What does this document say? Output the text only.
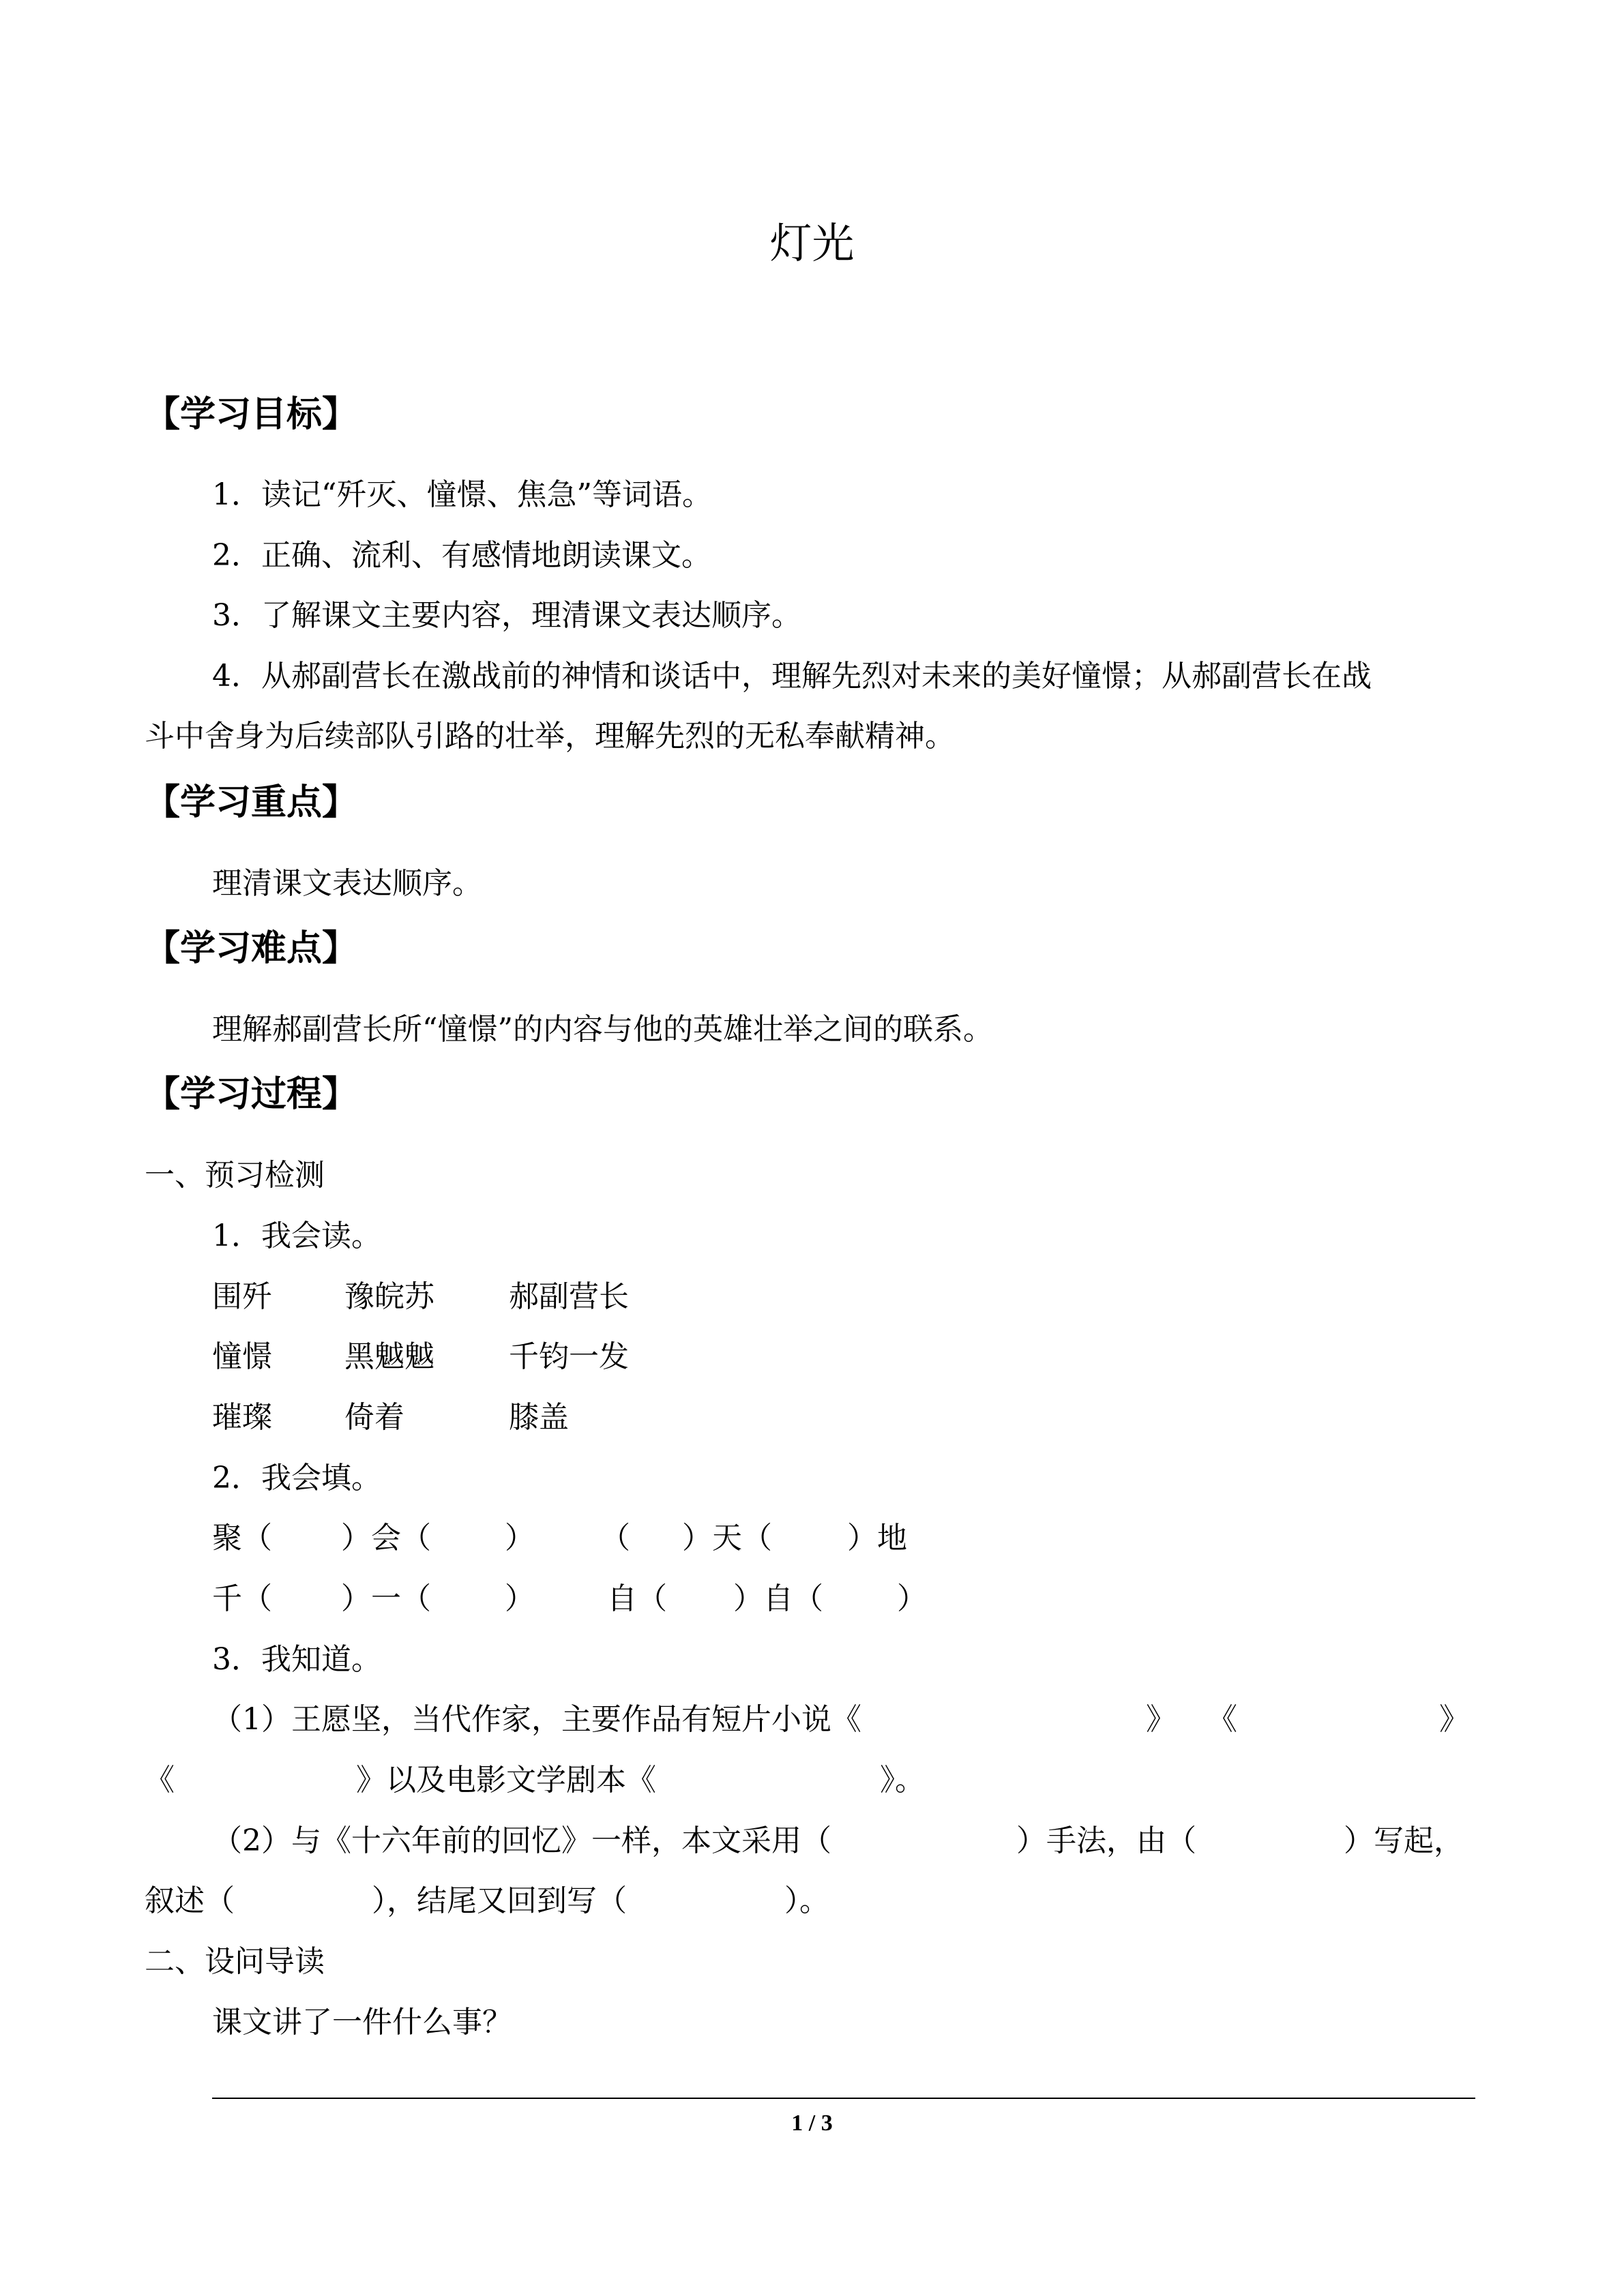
灯光
【学习目标】
1．读记“歼灭、憧憬、焦急”等词语。
2．正确、流利、有感情地朗读课文。
3．了解课文主要内容，理清课文表达顺序。
4．从郝副营长在激战前的神情和谈话中，理解先烈对未来的美好憧憬；从郝副营长在战
斗中舍身为后续部队引路的壮举，理解先烈的无私奉献精神。
【学习重点】
理清课文表达顺序。
【学习难点】
理解郝副营长所“憧憬”的内容与他的英雄壮举之间的联系。
【学习过程】
一、预习检测
1．我会读。
围歼 豫皖苏 郝副营长
憧憬 黑魆魆 千钧一发
璀璨 倚着	膝盖
2．我会填。
聚（ ）会（ ） （ ）天（	）地
千（ ）一（ ） 自（ ）自（ ）
3．我知道。
（1）王愿坚，当代作家，主要作品有短片小说《	》 《	》
《	》以及电影文学剧本《	》。
（2）与《十六年前的回忆》一样，本文采用（	）手法，由（	）写起，
叙述（	），结尾又回到写（	）。
二、设问导读
课文讲了一件什么事？
1 / 3
